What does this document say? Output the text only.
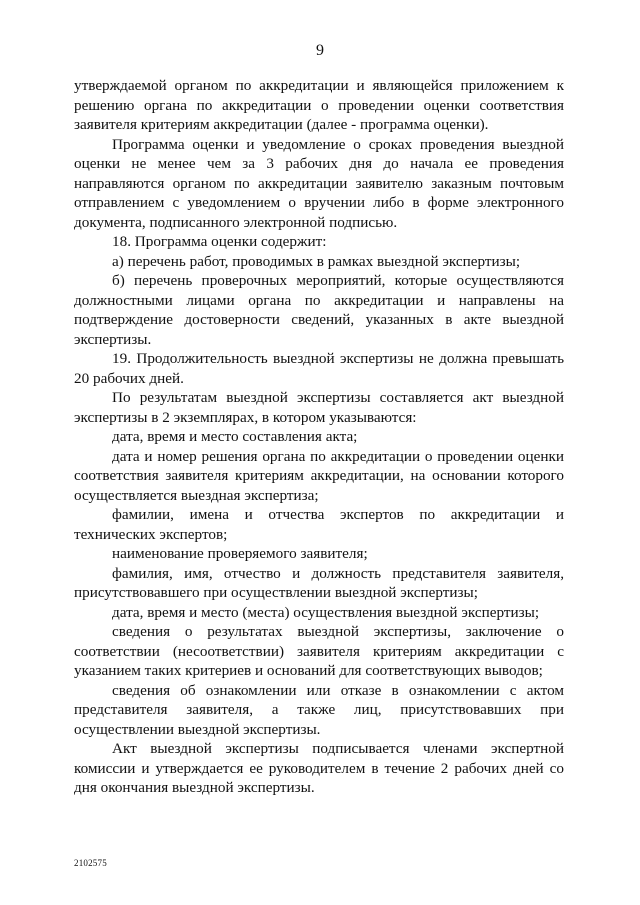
9

утверждаемой органом по аккредитации и являющейся приложением к решению органа по аккредитации о проведении оценки соответствия заявителя критериям аккредитации (далее - программа оценки).

Программа оценки и уведомление о сроках проведения выездной оценки не менее чем за 3 рабочих дня до начала ее проведения направляются органом по аккредитации заявителю заказным почтовым отправлением с уведомлением о вручении либо в форме электронного документа, подписанного электронной подписью.

18. Программа оценки содержит:

а) перечень работ, проводимых в рамках выездной экспертизы;

б) перечень проверочных мероприятий, которые осуществляются должностными лицами органа по аккредитации и направлены на подтверждение достоверности сведений, указанных в акте выездной экспертизы.

19. Продолжительность выездной экспертизы не должна превышать 20 рабочих дней.

По результатам выездной экспертизы составляется акт выездной экспертизы в 2 экземплярах, в котором указываются:

дата, время и место составления акта;

дата и номер решения органа по аккредитации о проведении оценки соответствия заявителя критериям аккредитации, на основании которого осуществляется выездная экспертиза;

фамилии, имена и отчества экспертов по аккредитации и технических экспертов;

наименование проверяемого заявителя;

фамилия, имя, отчество и должность представителя заявителя, присутствовавшего при осуществлении выездной экспертизы;

дата, время и место (места) осуществления выездной экспертизы;

сведения о результатах выездной экспертизы, заключение о соответствии (несоответствии) заявителя критериям аккредитации с указанием таких критериев и оснований для соответствующих выводов;

сведения об ознакомлении или отказе в ознакомлении с актом представителя заявителя, а также лиц, присутствовавших при осуществлении выездной экспертизы.

Акт выездной экспертизы подписывается членами экспертной комиссии и утверждается ее руководителем в течение 2 рабочих дней со дня окончания выездной экспертизы.

2102575
